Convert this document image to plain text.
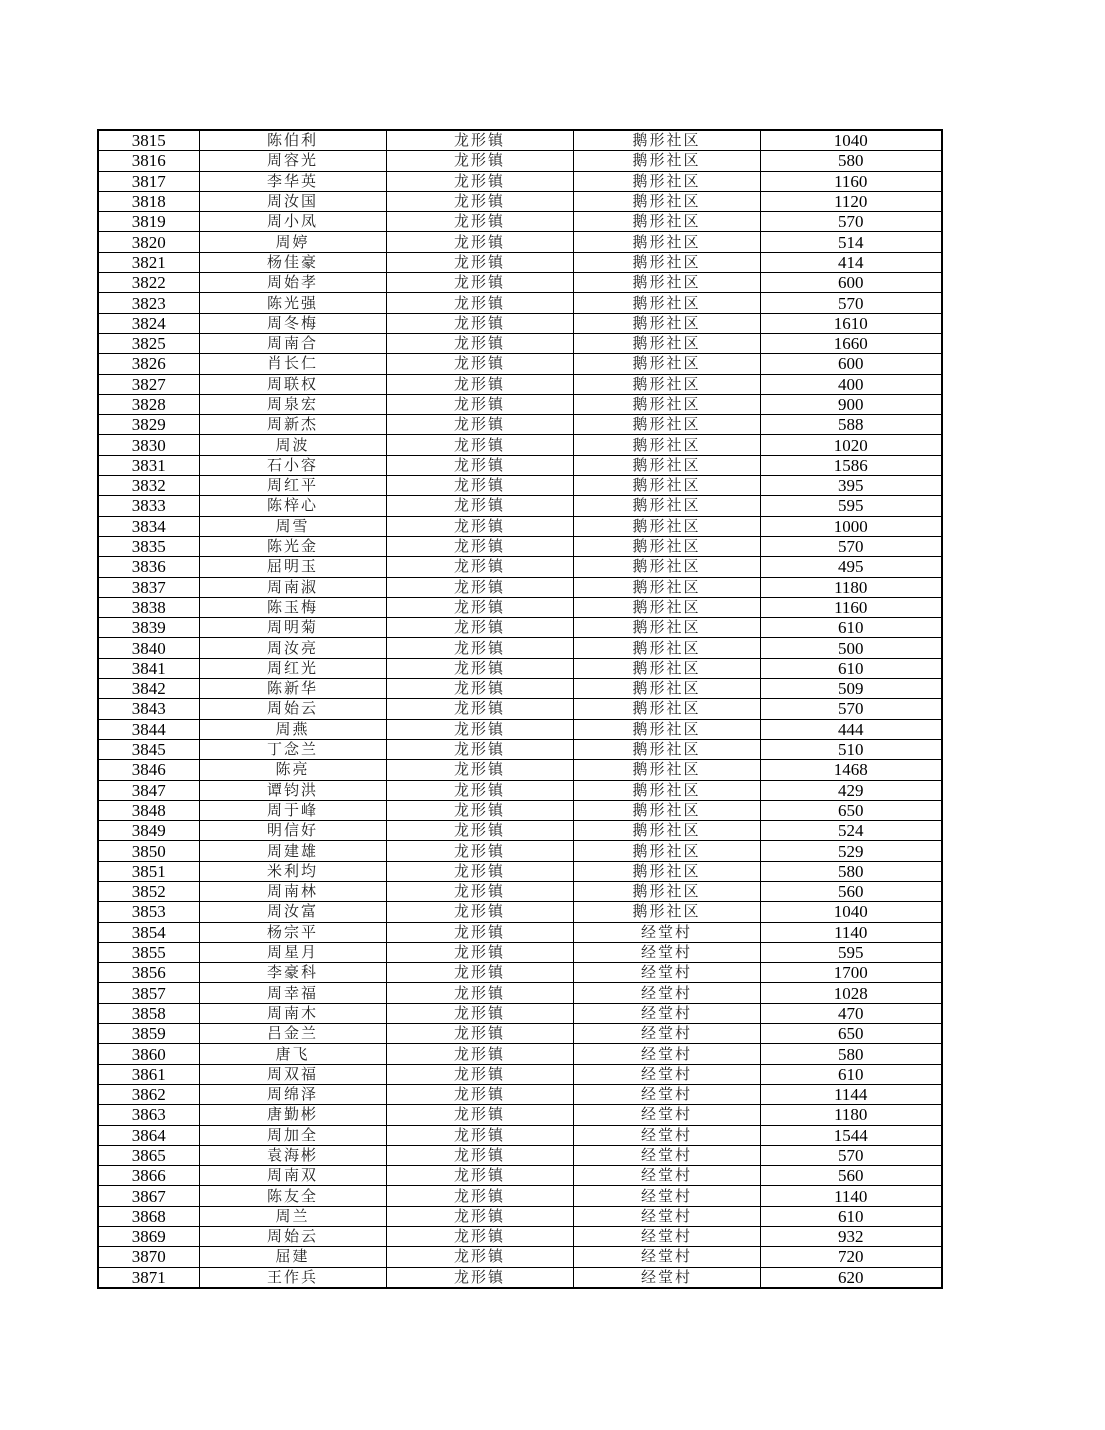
3815	陈伯利	龙形镇	鹅形社区	1040
3816	周容光	龙形镇	鹅形社区	580
3817	李华英	龙形镇	鹅形社区	1160
3818	周汝国	龙形镇	鹅形社区	1120
3819	周小凤	龙形镇	鹅形社区	570
3820	周婷	龙形镇	鹅形社区	514
3821	杨佳豪	龙形镇	鹅形社区	414
3822	周始孝	龙形镇	鹅形社区	600
3823	陈光强	龙形镇	鹅形社区	570
3824	周冬梅	龙形镇	鹅形社区	1610
3825	周南合	龙形镇	鹅形社区	1660
3826	肖长仁	龙形镇	鹅形社区	600
3827	周联权	龙形镇	鹅形社区	400
3828	周泉宏	龙形镇	鹅形社区	900
3829	周新杰	龙形镇	鹅形社区	588
3830	周波	龙形镇	鹅形社区	1020
3831	石小容	龙形镇	鹅形社区	1586
3832	周红平	龙形镇	鹅形社区	395
3833	陈梓心	龙形镇	鹅形社区	595
3834	周雪	龙形镇	鹅形社区	1000
3835	陈光金	龙形镇	鹅形社区	570
3836	屈明玉	龙形镇	鹅形社区	495
3837	周南淑	龙形镇	鹅形社区	1180
3838	陈玉梅	龙形镇	鹅形社区	1160
3839	周明菊	龙形镇	鹅形社区	610
3840	周汝亮	龙形镇	鹅形社区	500
3841	周红光	龙形镇	鹅形社区	610
3842	陈新华	龙形镇	鹅形社区	509
3843	周始云	龙形镇	鹅形社区	570
3844	周燕	龙形镇	鹅形社区	444
3845	丁念兰	龙形镇	鹅形社区	510
3846	陈亮	龙形镇	鹅形社区	1468
3847	谭钧洪	龙形镇	鹅形社区	429
3848	周于峰	龙形镇	鹅形社区	650
3849	明信好	龙形镇	鹅形社区	524
3850	周建雄	龙形镇	鹅形社区	529
3851	米利均	龙形镇	鹅形社区	580
3852	周南林	龙形镇	鹅形社区	560
3853	周汝富	龙形镇	鹅形社区	1040
3854	杨宗平	龙形镇	经堂村	1140
3855	周星月	龙形镇	经堂村	595
3856	李豪科	龙形镇	经堂村	1700
3857	周幸福	龙形镇	经堂村	1028
3858	周南木	龙形镇	经堂村	470
3859	吕金兰	龙形镇	经堂村	650
3860	唐飞	龙形镇	经堂村	580
3861	周双福	龙形镇	经堂村	610
3862	周绵泽	龙形镇	经堂村	1144
3863	唐勤彬	龙形镇	经堂村	1180
3864	周加全	龙形镇	经堂村	1544
3865	袁海彬	龙形镇	经堂村	570
3866	周南双	龙形镇	经堂村	560
3867	陈友全	龙形镇	经堂村	1140
3868	周兰	龙形镇	经堂村	610
3869	周始云	龙形镇	经堂村	932
3870	屈建	龙形镇	经堂村	720
3871	王作兵	龙形镇	经堂村	620
